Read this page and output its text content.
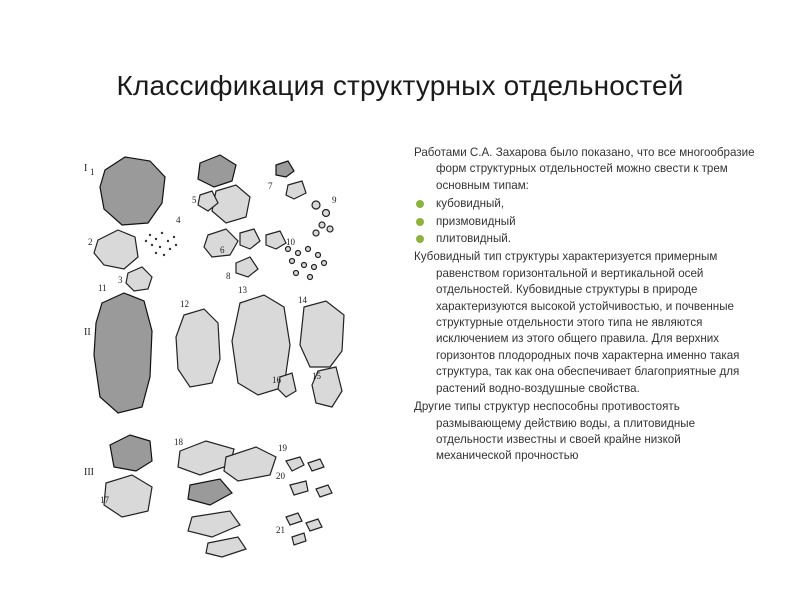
Классификация структурных отдельностей
I
II
III
1
2
3
4
5
6
7
8
9
10
11
12
13
14
15
16
17
18
19
20
21

Работами С.А. Захарова было показано, что все многообразие форм структурных отдельностей можно свести к трем основным типам:

кубовидный,
призмовидный
плитовидный.

Кубовидный тип структуры характеризуется примерным равенством горизонтальной и вертикальной осей отдельностей. Кубовидные структуры в природе характеризуются высокой устойчивостью, и почвенные структурные отдельности этого типа не являются исключением из этого общего правила. Для верхних горизонтов плодородных почв характерна именно такая структура, так как она обеспечивает благоприятные для растений водно-воздушные свойства.

Другие типы структур неспособны противостоять размывающему действию воды, а плитовидные отдельности известны и своей крайне низкой механической прочностью
